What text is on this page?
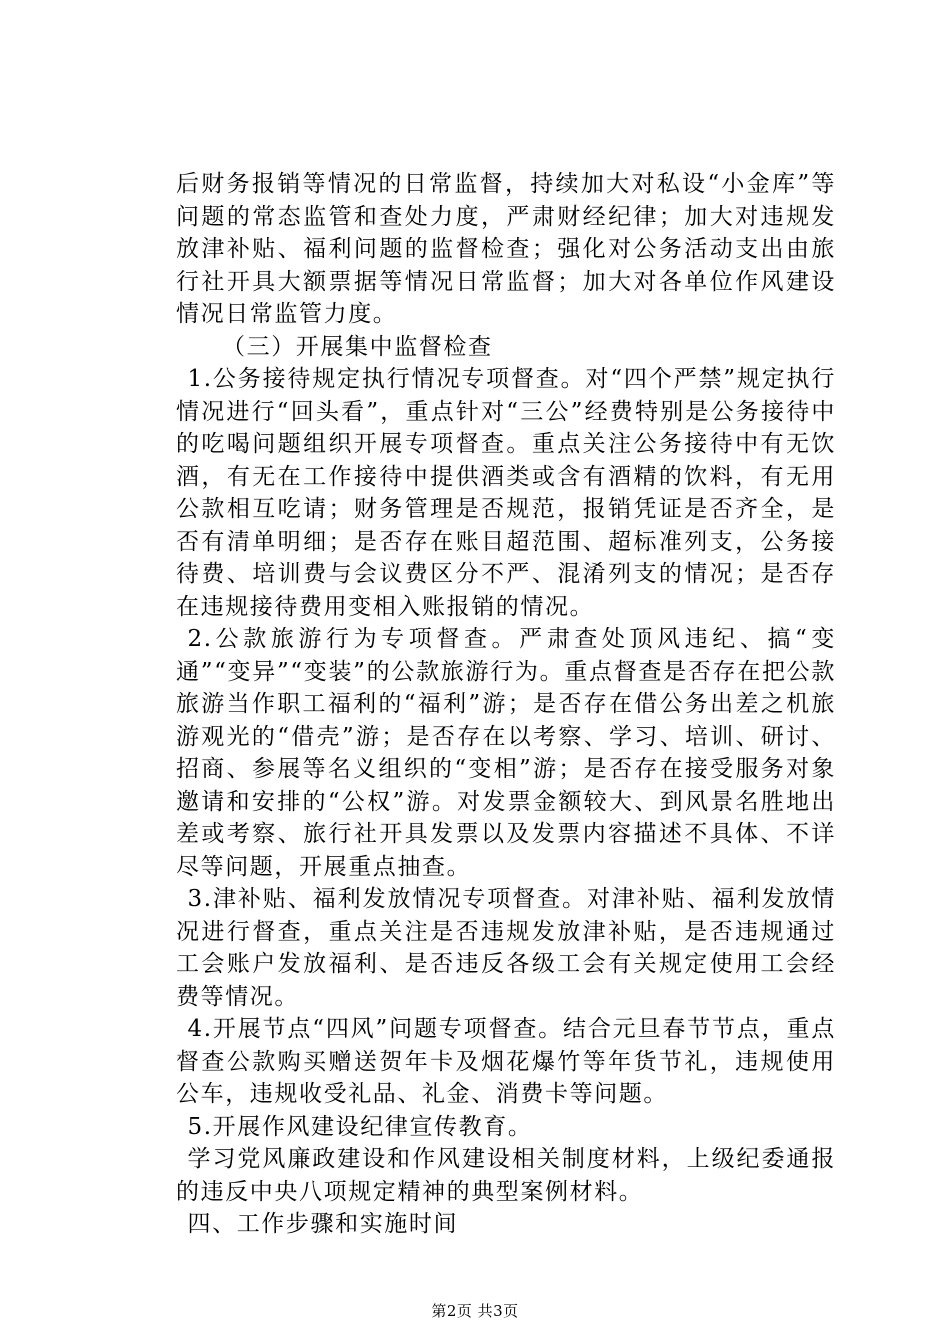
后财务报销等情况的日常监督，持续加大对私设“小金库”等问题的常态监管和查处力度，严肃财经纪律；加大对违规发放津补贴、福利问题的监督检查；强化对公务活动支出由旅行社开具大额票据等情况日常监督；加大对各单位作风建设情况日常监管力度。

（三）开展集中监督检查

1.公务接待规定执行情况专项督查。对“四个严禁”规定执行情况进行“回头看”，重点针对“三公”经费特别是公务接待中的吃喝问题组织开展专项督查。重点关注公务接待中有无饮酒，有无在工作接待中提供酒类或含有酒精的饮料，有无用公款相互吃请；财务管理是否规范，报销凭证是否齐全，是否有清单明细；是否存在账目超范围、超标准列支，公务接待费、培训费与会议费区分不严、混淆列支的情况；是否存在违规接待费用变相入账报销的情况。

2.公款旅游行为专项督查。严肃查处顶风违纪、搞“变通”“变异”“变装”的公款旅游行为。重点督查是否存在把公款旅游当作职工福利的“福利”游；是否存在借公务出差之机旅游观光的“借壳”游；是否存在以考察、学习、培训、研讨、招商、参展等名义组织的“变相”游；是否存在接受服务对象邀请和安排的“公权”游。对发票金额较大、到风景名胜地出差或考察、旅行社开具发票以及发票内容描述不具体、不详尽等问题，开展重点抽查。

3.津补贴、福利发放情况专项督查。对津补贴、福利发放情况进行督查，重点关注是否违规发放津补贴，是否违规通过工会账户发放福利、是否违反各级工会有关规定使用工会经费等情况。

4.开展节点“四风”问题专项督查。结合元旦春节节点，重点督查公款购买赠送贺年卡及烟花爆竹等年货节礼，违规使用公车，违规收受礼品、礼金、消费卡等问题。

5.开展作风建设纪律宣传教育。

学习党风廉政建设和作风建设相关制度材料，上级纪委通报的违反中央八项规定精神的典型案例材料。

四、工作步骤和实施时间

第2页 共3页
